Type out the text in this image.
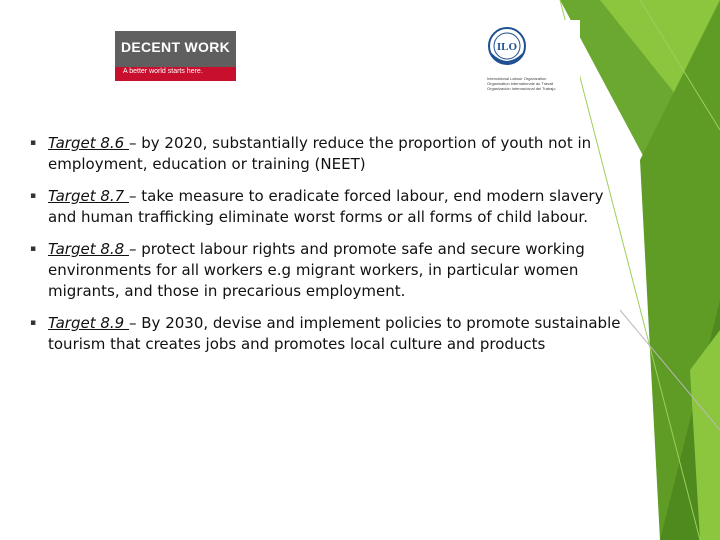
DECENT WORK
A better world starts here.
ILO
International Labour Organization
Organisation internationale du Travail
Organización Internacional del Trabajo
▪ Target 8.6 – by 2020, substantially reduce the proportion of youth not in employment, education or training (NEET)
▪ Target 8.7 – take measure to eradicate forced labour, end modern slavery and human trafficking eliminate worst forms or all forms of child labour.
▪ Target 8.8 – protect labour rights and promote safe and secure working environments for all workers e.g migrant workers, in particular women migrants, and those in precarious employment.
▪ Target 8.9 – By 2030, devise and implement policies to promote sustainable tourism that creates jobs and promotes local culture and products
